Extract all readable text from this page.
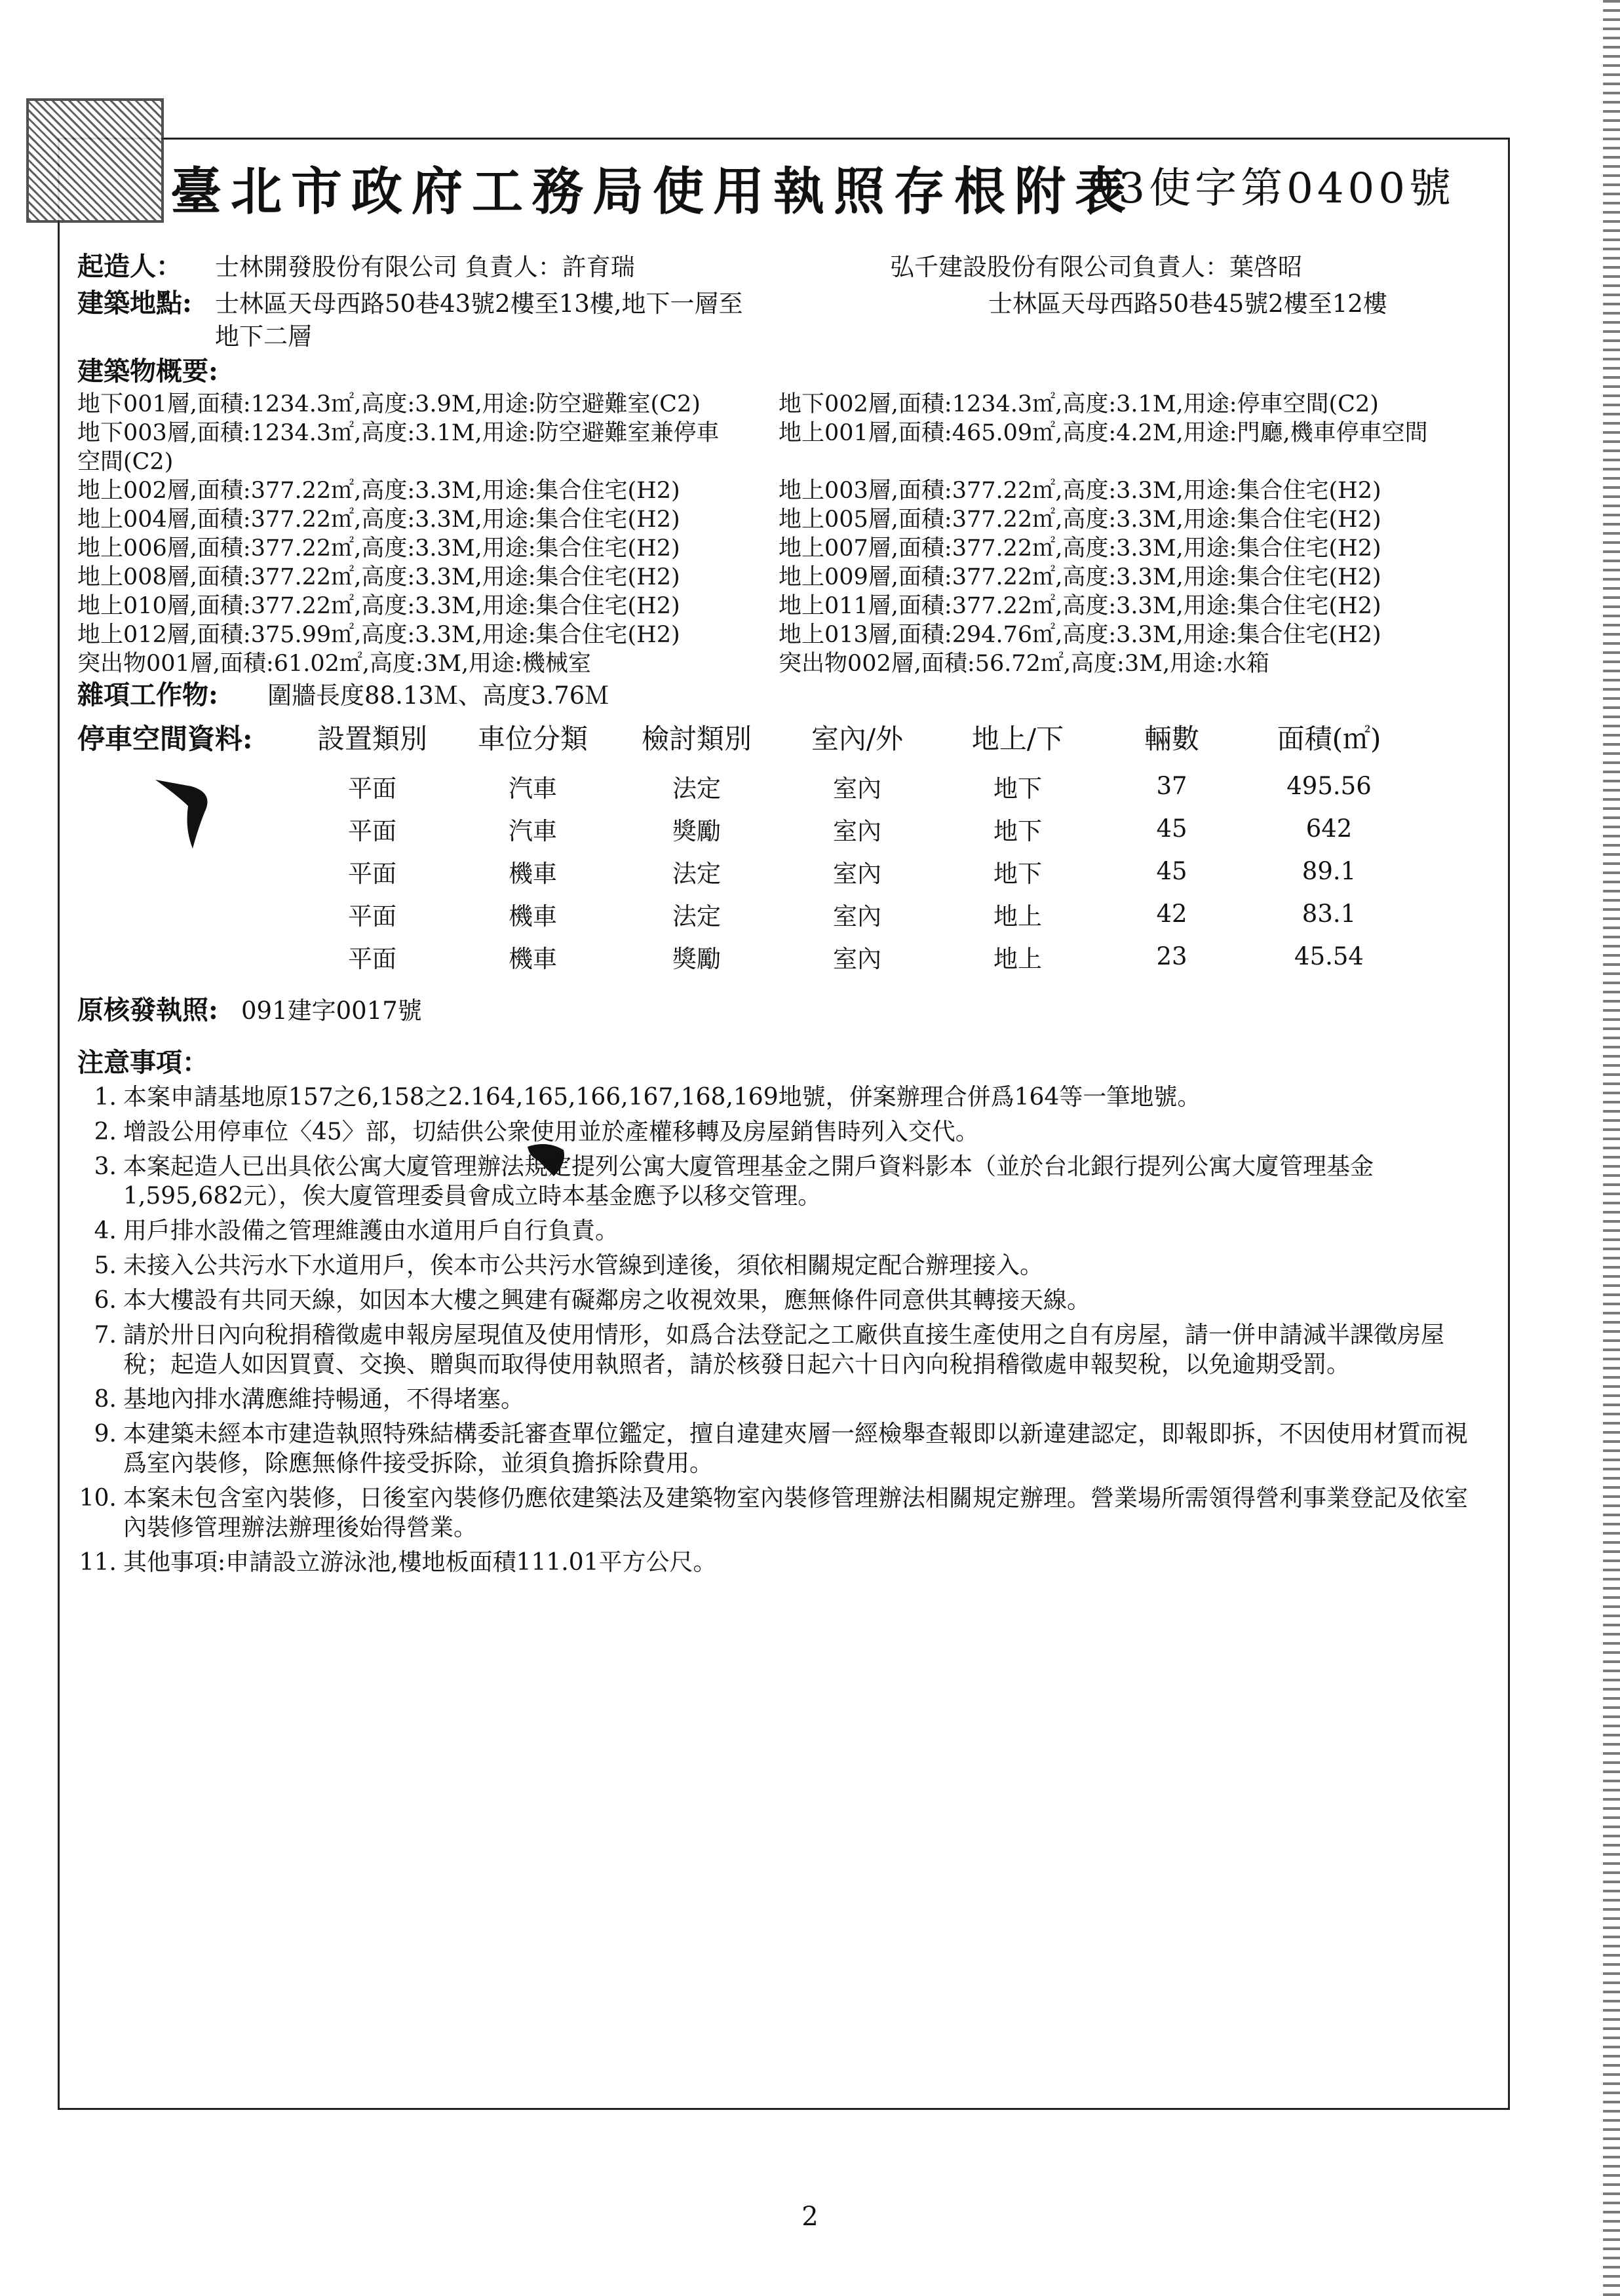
臺北市政府工務局使用執照存根附表
93使字第0400號
起造人：	士林開發股份有限公司 負責人：許育瑞	弘千建設股份有限公司負責人：葉啓昭
建築地點: 士林區天母西路50巷43號2樓至13樓,地下一層至	士林區天母西路50巷45號2樓至12樓
地下二層
建築物概要:
地下001層,面積:1234.3㎡,高度:3.9M,用途:防空避難室(C2)	地下002層,面積:1234.3㎡,高度:3.1M,用途:停車空間(C2)
地下003層,面積:1234.3㎡,高度:3.1M,用途:防空避難室兼停車	地上001層,面積:465.09㎡,高度:4.2M,用途:門廳,機車停車空間
空間(C2)
地上002層,面積:377.22㎡,高度:3.3M,用途:集合住宅(H2)	地上003層,面積:377.22㎡,高度:3.3M,用途:集合住宅(H2)
地上004層,面積:377.22㎡,高度:3.3M,用途:集合住宅(H2)	地上005層,面積:377.22㎡,高度:3.3M,用途:集合住宅(H2)
地上006層,面積:377.22㎡,高度:3.3M,用途:集合住宅(H2)	地上007層,面積:377.22㎡,高度:3.3M,用途:集合住宅(H2)
地上008層,面積:377.22㎡,高度:3.3M,用途:集合住宅(H2)	地上009層,面積:377.22㎡,高度:3.3M,用途:集合住宅(H2)
地上010層,面積:377.22㎡,高度:3.3M,用途:集合住宅(H2)	地上011層,面積:377.22㎡,高度:3.3M,用途:集合住宅(H2)
地上012層,面積:375.99㎡,高度:3.3M,用途:集合住宅(H2)	地上013層,面積:294.76㎡,高度:3.3M,用途:集合住宅(H2)
突出物001層,面積:61.02㎡,高度:3M,用途:機械室	突出物002層,面積:56.72㎡,高度:3M,用途:水箱
雜項工作物:	圍牆長度88.13Ｍ、高度3.76Ｍ
停車空間資料:	設置類別	車位分類	檢討類別	室內/外	地上/下	輛數	面積(㎡)
平面	汽車	法定	室內	地下	37	495.56
平面	汽車	獎勵	室內	地下	45	642
平面	機車	法定	室內	地下	45	89.1
平面	機車	法定	室內	地上	42	83.1
平面	機車	獎勵	室內	地上	23	45.54
原核發執照: 091建字0017號
注意事項：
1. 本案申請基地原157之6,158之2.164,165,166,167,168,169地號，併案辦理合併爲164等一筆地號。
2. 增設公用停車位〈45〉部，切結供公衆使用並於產權移轉及房屋銷售時列入交代。
3. 本案起造人已出具依公寓大廈管理辦法規定提列公寓大廈管理基金之開戶資料影本（並於台北銀行提列公寓大廈管理基金1,595,682元），俟大廈管理委員會成立時本基金應予以移交管理。
4. 用戶排水設備之管理維護由水道用戶自行負責。
5. 未接入公共污水下水道用戶，俟本市公共污水管線到達後，須依相關規定配合辦理接入。
6. 本大樓設有共同天線，如因本大樓之興建有礙鄰房之收視效果，應無條件同意供其轉接天線。
7. 請於卅日內向稅捐稽徵處申報房屋現值及使用情形，如爲合法登記之工廠供直接生產使用之自有房屋，請一併申請減半課徵房屋稅；起造人如因買賣、交換、贈與而取得使用執照者，請於核發日起六十日內向稅捐稽徵處申報契稅，以免逾期受罰。
8. 基地內排水溝應維持暢通，不得堵塞。
9. 本建築未經本市建造執照特殊結構委託審查單位鑑定，擅自違建夾層一經檢舉查報即以新違建認定，即報即拆，不因使用材質而視爲室內裝修，除應無條件接受拆除，並須負擔拆除費用。
10. 本案未包含室內裝修，日後室內裝修仍應依建築法及建築物室內裝修管理辦法相關規定辦理。營業場所需領得營利事業登記及依室內裝修管理辦法辦理後始得營業。
11. 其他事項:申請設立游泳池,樓地板面積111.01平方公尺。
2
